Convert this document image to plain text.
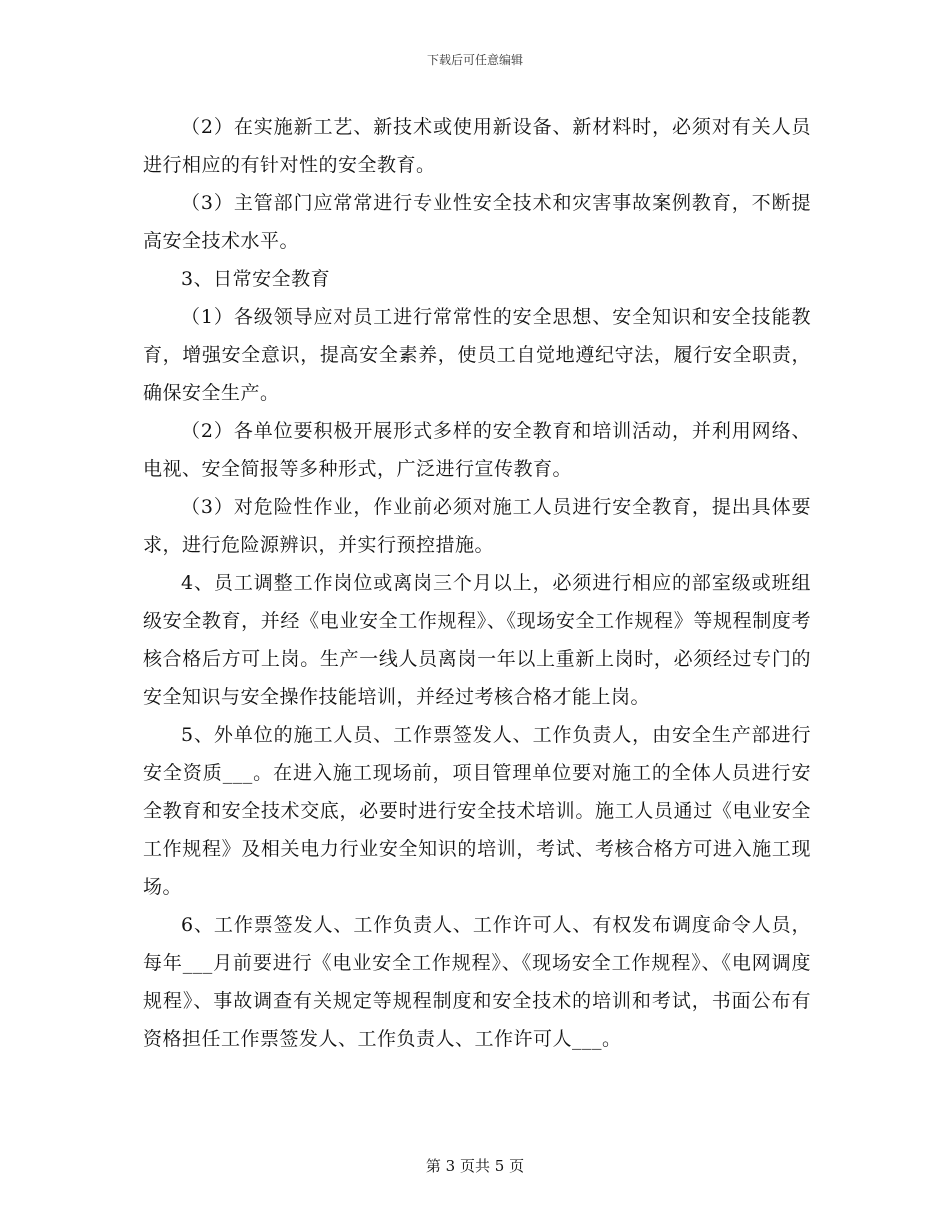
下载后可任意编辑

（2）在实施新工艺、新技术或使用新设备、新材料时，必须对有关人员进行相应的有针对性的安全教育。

（3）主管部门应常常进行专业性安全技术和灾害事故案例教育，不断提高安全技术水平。

3、日常安全教育

（1）各级领导应对员工进行常常性的安全思想、安全知识和安全技能教育，增强安全意识，提高安全素养，使员工自觉地遵纪守法，履行安全职责，确保安全生产。

（2）各单位要积极开展形式多样的安全教育和培训活动，并利用网络、电视、安全简报等多种形式，广泛进行宣传教育。

（3）对危险性作业，作业前必须对施工人员进行安全教育，提出具体要求，进行危险源辨识，并实行预控措施。

4、员工调整工作岗位或离岗三个月以上，必须进行相应的部室级或班组级安全教育，并经《电业安全工作规程》、《现场安全工作规程》等规程制度考核合格后方可上岗。生产一线人员离岗一年以上重新上岗时，必须经过专门的安全知识与安全操作技能培训，并经过考核合格才能上岗。

5、外单位的施工人员、工作票签发人、工作负责人，由安全生产部进行安全资质___。在进入施工现场前，项目管理单位要对施工的全体人员进行安全教育和安全技术交底，必要时进行安全技术培训。施工人员通过《电业安全工作规程》及相关电力行业安全知识的培训，考试、考核合格方可进入施工现场。

6、工作票签发人、工作负责人、工作许可人、有权发布调度命令人员，每年___月前要进行《电业安全工作规程》、《现场安全工作规程》、《电网调度规程》、事故调查有关规定等规程制度和安全技术的培训和考试，书面公布有资格担任工作票签发人、工作负责人、工作许可人___。

第 3 页共 5 页
